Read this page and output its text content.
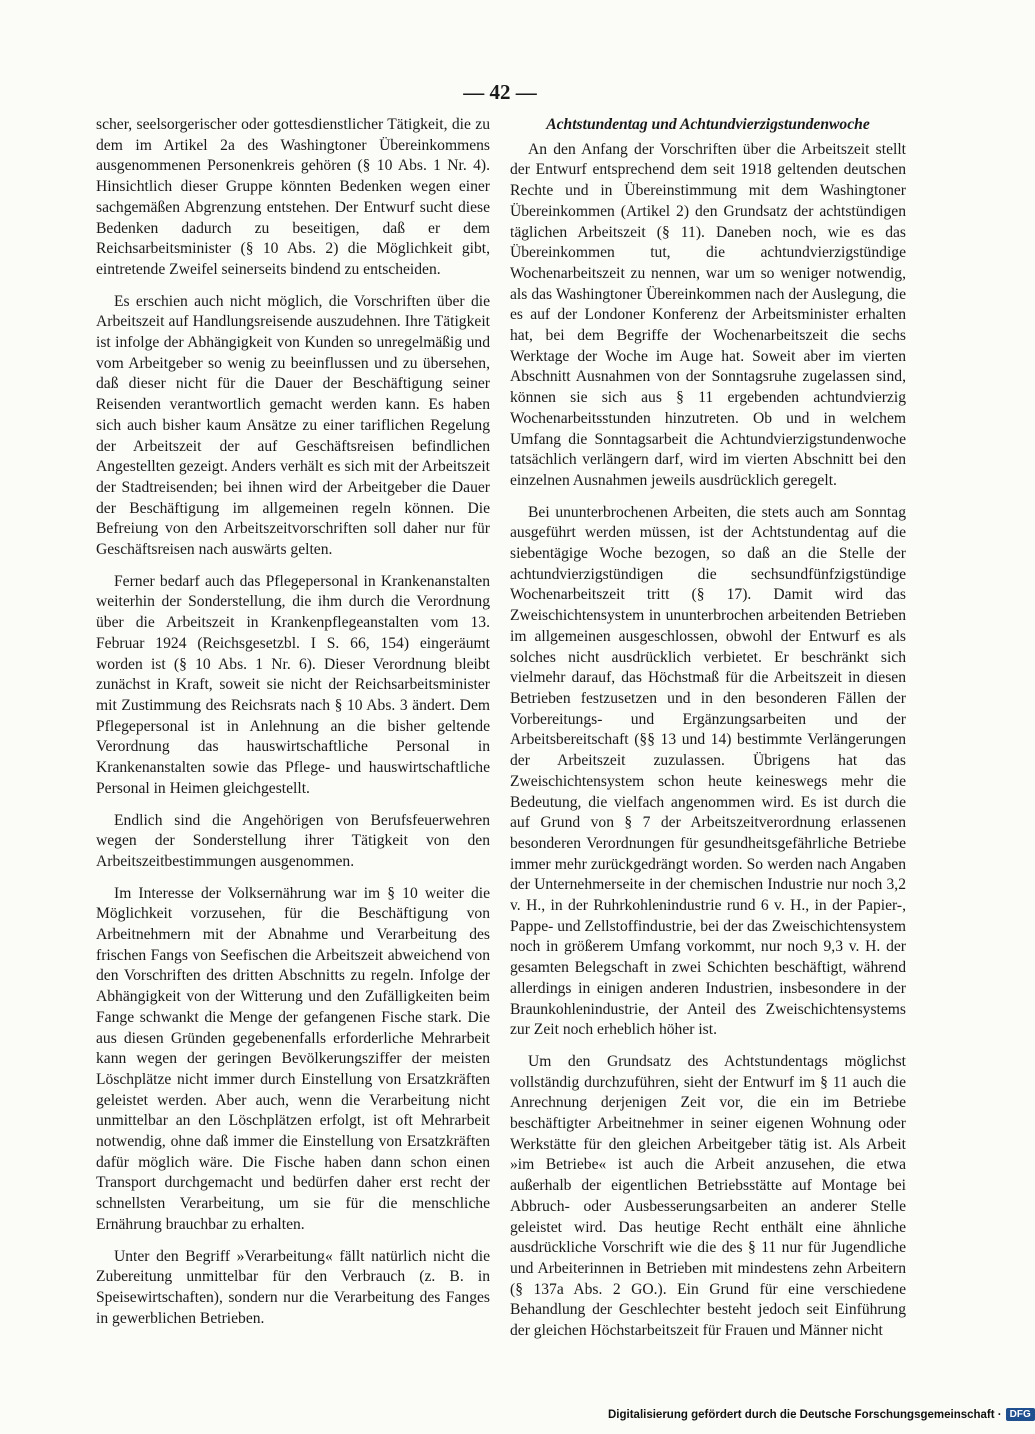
— 42 —

scher, seelsorgerischer oder gottesdienstlicher Tätigkeit, die zu dem im Artikel 2a des Washingtoner Übereinkommens ausgenommenen Personenkreis gehören (§ 10 Abs. 1 Nr. 4). Hinsichtlich dieser Gruppe könnten Bedenken wegen einer sachgemäßen Abgrenzung entstehen. Der Entwurf sucht diese Bedenken dadurch zu beseitigen, daß er dem Reichsarbeitsminister (§ 10 Abs. 2) die Möglichkeit gibt, eintretende Zweifel seinerseits bindend zu entscheiden.

Es erschien auch nicht möglich, die Vorschriften über die Arbeitszeit auf Handlungsreisende auszudehnen. Ihre Tätigkeit ist infolge der Abhängigkeit von Kunden so unregelmäßig und vom Arbeitgeber so wenig zu beeinflussen und zu übersehen, daß dieser nicht für die Dauer der Beschäftigung seiner Reisenden verantwortlich gemacht werden kann. Es haben sich auch bisher kaum Ansätze zu einer tariflichen Regelung der Arbeitszeit der auf Geschäftsreisen befindlichen Angestellten gezeigt. Anders verhält es sich mit der Arbeitszeit der Stadtreisenden; bei ihnen wird der Arbeitgeber die Dauer der Beschäftigung im allgemeinen regeln können. Die Befreiung von den Arbeitszeitvorschriften soll daher nur für Geschäftsreisen nach auswärts gelten.

Ferner bedarf auch das Pflegepersonal in Krankenanstalten weiterhin der Sonderstellung, die ihm durch die Verordnung über die Arbeitszeit in Krankenpflegeanstalten vom 13. Februar 1924 (Reichsgesetzbl. I S. 66, 154) eingeräumt worden ist (§ 10 Abs. 1 Nr. 6). Dieser Verordnung bleibt zunächst in Kraft, soweit sie nicht der Reichsarbeitsminister mit Zustimmung des Reichsrats nach § 10 Abs. 3 ändert. Dem Pflegepersonal ist in Anlehnung an die bisher geltende Verordnung das hauswirtschaftliche Personal in Krankenanstalten sowie das Pflege- und hauswirtschaftliche Personal in Heimen gleichgestellt.

Endlich sind die Angehörigen von Berufsfeuerwehren wegen der Sonderstellung ihrer Tätigkeit von den Arbeitszeitbestimmungen ausgenommen.

Im Interesse der Volksernährung war im § 10 weiter die Möglichkeit vorzusehen, für die Beschäftigung von Arbeitnehmern mit der Abnahme und Verarbeitung des frischen Fangs von Seefischen die Arbeitszeit abweichend von den Vorschriften des dritten Abschnitts zu regeln. Infolge der Abhängigkeit von der Witterung und den Zufälligkeiten beim Fange schwankt die Menge der gefangenen Fische stark. Die aus diesen Gründen gegebenenfalls erforderliche Mehrarbeit kann wegen der geringen Bevölkerungsziffer der meisten Löschplätze nicht immer durch Einstellung von Ersatzkräften geleistet werden. Aber auch, wenn die Verarbeitung nicht unmittelbar an den Löschplätzen erfolgt, ist oft Mehrarbeit notwendig, ohne daß immer die Einstellung von Ersatzkräften dafür möglich wäre. Die Fische haben dann schon einen Transport durchgemacht und bedürfen daher erst recht der schnellsten Verarbeitung, um sie für die menschliche Ernährung brauchbar zu erhalten.

Unter den Begriff »Verarbeitung« fällt natürlich nicht die Zubereitung unmittelbar für den Verbrauch (z. B. in Speisewirtschaften), sondern nur die Verarbeitung des Fanges in gewerblichen Betrieben.

Achtstundentag und Achtundvierzigstundenwoche

An den Anfang der Vorschriften über die Arbeitszeit stellt der Entwurf entsprechend dem seit 1918 geltenden deutschen Rechte und in Übereinstimmung mit dem Washingtoner Übereinkommen (Artikel 2) den Grundsatz der achtstündigen täglichen Arbeitszeit (§ 11). Daneben noch, wie es das Übereinkommen tut, die achtundvierzigstündige Wochenarbeitszeit zu nennen, war um so weniger notwendig, als das Washingtoner Übereinkommen nach der Auslegung, die es auf der Londoner Konferenz der Arbeitsminister erhalten hat, bei dem Begriffe der Wochenarbeitszeit die sechs Werktage der Woche im Auge hat. Soweit aber im vierten Abschnitt Ausnahmen von der Sonntagsruhe zugelassen sind, können sie sich aus § 11 ergebenden achtundvierzig Wochenarbeitsstunden hinzutreten. Ob und in welchem Umfang die Sonntagsarbeit die Achtundvierzigstundenwoche tatsächlich verlängern darf, wird im vierten Abschnitt bei den einzelnen Ausnahmen jeweils ausdrücklich geregelt.

Bei ununterbrochenen Arbeiten, die stets auch am Sonntag ausgeführt werden müssen, ist der Achtstundentag auf die siebentägige Woche bezogen, so daß an die Stelle der achtundvierzigstündigen die sechsundfünfzigstündige Wochenarbeitszeit tritt (§ 17). Damit wird das Zweischichtensystem in ununterbrochen arbeitenden Betrieben im allgemeinen ausgeschlossen, obwohl der Entwurf es als solches nicht ausdrücklich verbietet. Er beschränkt sich vielmehr darauf, das Höchstmaß für die Arbeitszeit in diesen Betrieben festzusetzen und in den besonderen Fällen der Vorbereitungs- und Ergänzungsarbeiten und der Arbeitsbereitschaft (§§ 13 und 14) bestimmte Verlängerungen der Arbeitszeit zuzulassen. Übrigens hat das Zweischichtensystem schon heute keineswegs mehr die Bedeutung, die vielfach angenommen wird. Es ist durch die auf Grund von § 7 der Arbeitszeitverordnung erlassenen besonderen Verordnungen für gesundheitsgefährliche Betriebe immer mehr zurückgedrängt worden. So werden nach Angaben der Unternehmerseite in der chemischen Industrie nur noch 3,2 v. H., in der Ruhrkohlenindustrie rund 6 v. H., in der Papier-, Pappe- und Zellstoffindustrie, bei der das Zweischichtensystem noch in größerem Umfang vorkommt, nur noch 9,3 v. H. der gesamten Belegschaft in zwei Schichten beschäftigt, während allerdings in einigen anderen Industrien, insbesondere in der Braunkohlenindustrie, der Anteil des Zweischichtensystems zur Zeit noch erheblich höher ist.

Um den Grundsatz des Achtstundentags möglichst vollständig durchzuführen, sieht der Entwurf im § 11 auch die Anrechnung derjenigen Zeit vor, die ein im Betriebe beschäftigter Arbeitnehmer in seiner eigenen Wohnung oder Werkstätte für den gleichen Arbeitgeber tätig ist. Als Arbeit »im Betriebe« ist auch die Arbeit anzusehen, die etwa außerhalb der eigentlichen Betriebsstätte auf Montage bei Abbruch- oder Ausbesserungsarbeiten an anderer Stelle geleistet wird. Das heutige Recht enthält eine ähnliche ausdrückliche Vorschrift wie die des § 11 nur für Jugendliche und Arbeiterinnen in Betrieben mit mindestens zehn Arbeitern (§ 137a Abs. 2 GO.). Ein Grund für eine verschiedene Behandlung der Geschlechter besteht jedoch seit Einführung der gleichen Höchstarbeitszeit für Frauen und Männer nicht

Digitalisierung gefördert durch die Deutsche Forschungsgemeinschaft · DFG
